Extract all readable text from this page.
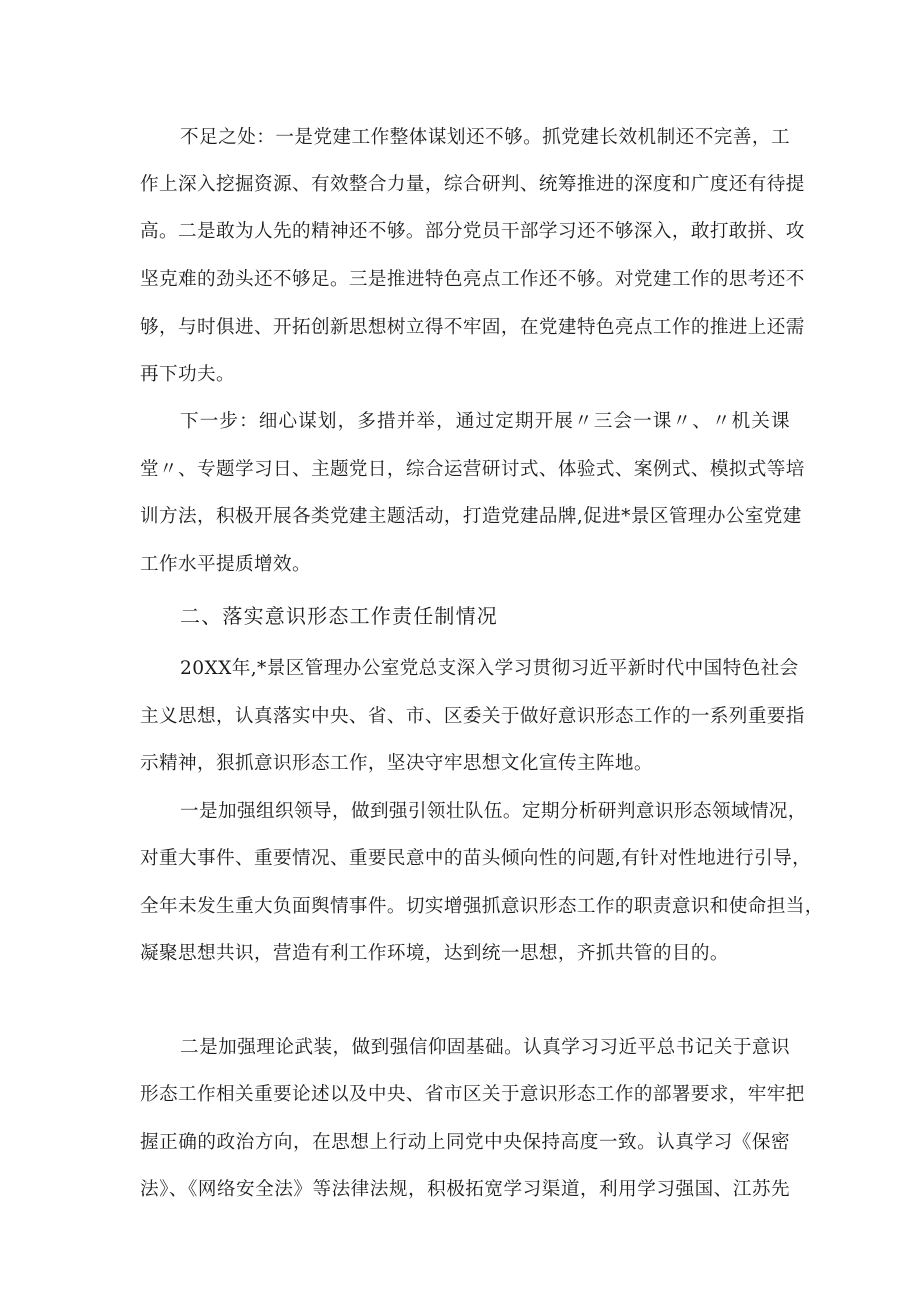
不足之处：一是党建工作整体谋划还不够。抓党建长效机制还不完善，工
作上深入挖掘资源、有效整合力量，综合研判、统筹推进的深度和广度还有待提
高。二是敢为人先的精神还不够。部分党员干部学习还不够深入，敢打敢拼、攻
坚克难的劲头还不够足。三是推进特色亮点工作还不够。对党建工作的思考还不
够，与时俱进、开拓创新思想树立得不牢固，在党建特色亮点工作的推进上还需
再下功夫。
下一步：细心谋划，多措并举，通过定期开展〃三会一课〃、〃机关课
堂〃、专题学习日、主题党日，综合运营研讨式、体验式、案例式、模拟式等培
训方法，积极开展各类党建主题活动，打造党建品牌,促进*景区管理办公室党建
工作水平提质增效。
二、落实意识形态工作责任制情况
20XX年,*景区管理办公室党总支深入学习贯彻习近平新时代中国特色社会
主义思想，认真落实中央、省、市、区委关于做好意识形态工作的一系列重要指
示精神，狠抓意识形态工作，坚决守牢思想文化宣传主阵地。
一是加强组织领导，做到强引领壮队伍。定期分析研判意识形态领域情况，
对重大事件、重要情况、重要民意中的苗头倾向性的问题,有针对性地进行引导，
全年未发生重大负面舆情事件。切实增强抓意识形态工作的职责意识和使命担当，
凝聚思想共识，营造有利工作环境，达到统一思想，齐抓共管的目的。
二是加强理论武装，做到强信仰固基础。认真学习习近平总书记关于意识
形态工作相关重要论述以及中央、省市区关于意识形态工作的部署要求，牢牢把
握正确的政治方向，在思想上行动上同党中央保持高度一致。认真学习《保密
法》、《网络安全法》等法律法规，积极拓宽学习渠道，利用学习强国、江苏先
